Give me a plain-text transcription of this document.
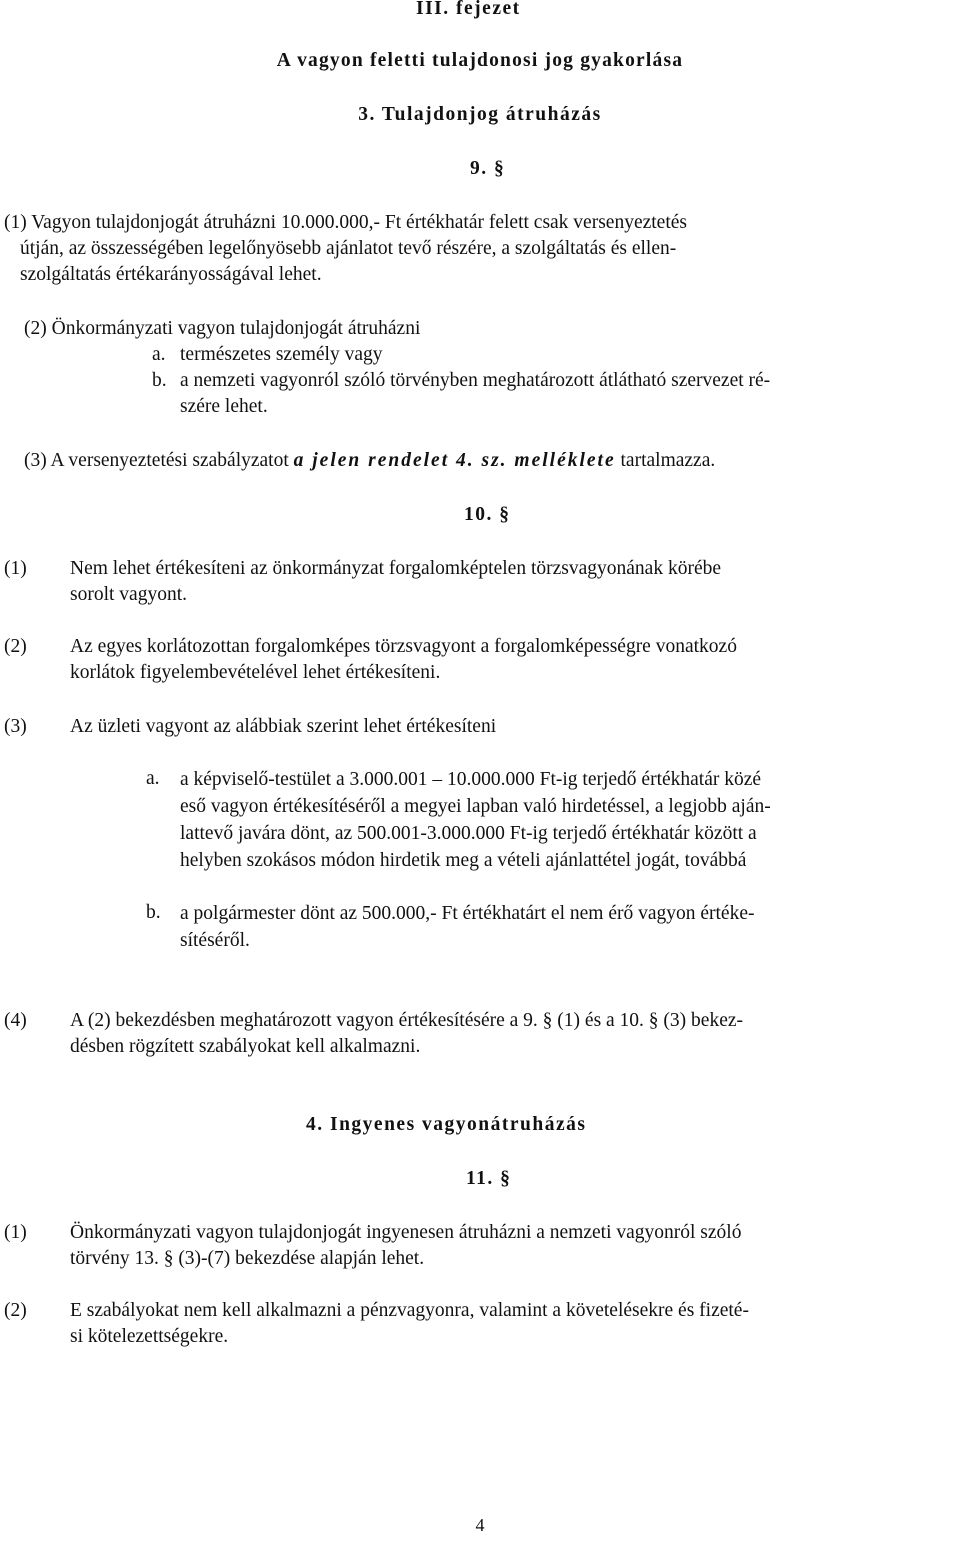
III. fejezet
A vagyon feletti tulajdonosi jog gyakorlása
3. Tulajdonjog átruházás
9. §
(1) Vagyon tulajdonjogát átruházni 10.000.000,- Ft értékhatár felett csak versenyeztetés
útján, az összességében legelőnyösebb ajánlatot tevő részére, a szolgáltatás és ellen-
szolgáltatás értékarányosságával lehet.
(2) Önkormányzati vagyon tulajdonjogát átruházni
a. természetes személy vagy
b. a nemzeti vagyonról szóló törvényben meghatározott átlátható szervezet ré-
szére lehet.
(3) A versenyeztetési szabályzatot a jelen rendelet 4. sz. melléklete tartalmazza.
10. §
(1)	Nem lehet értékesíteni az önkormányzat forgalomképtelen törzsvagyonának körébe
sorolt vagyont.
(2)	Az egyes korlátozottan forgalomképes törzsvagyont a forgalomképességre vonatkozó
korlátok figyelembevételével lehet értékesíteni.
(3)	Az üzleti vagyont az alábbiak szerint lehet értékesíteni
a.	a képviselő-testület a 3.000.001 – 10.000.000 Ft-ig terjedő értékhatár közé
eső vagyon értékesítéséről a megyei lapban való hirdetéssel, a legjobb aján-
lattevő javára dönt, az 500.001-3.000.000 Ft-ig terjedő értékhatár között a
helyben szokásos módon hirdetik meg a vételi ajánlattétel jogát, továbbá
b. a polgármester dönt az 500.000,- Ft értékhatárt el nem érő vagyon értéke-
sítéséről.
(4)	A (2) bekezdésben meghatározott vagyon értékesítésére a 9. § (1) és a 10. § (3) bekez-
désben rögzített szabályokat kell alkalmazni.
4. Ingyenes vagyonátruházás
11. §
(1)	Önkormányzati vagyon tulajdonjogát ingyenesen átruházni a nemzeti vagyonról szóló
törvény 13. § (3)-(7) bekezdése alapján lehet.
(2)	E szabályokat nem kell alkalmazni a pénzvagyonra, valamint a követelésekre és fizeté-
si kötelezettségekre.
4
